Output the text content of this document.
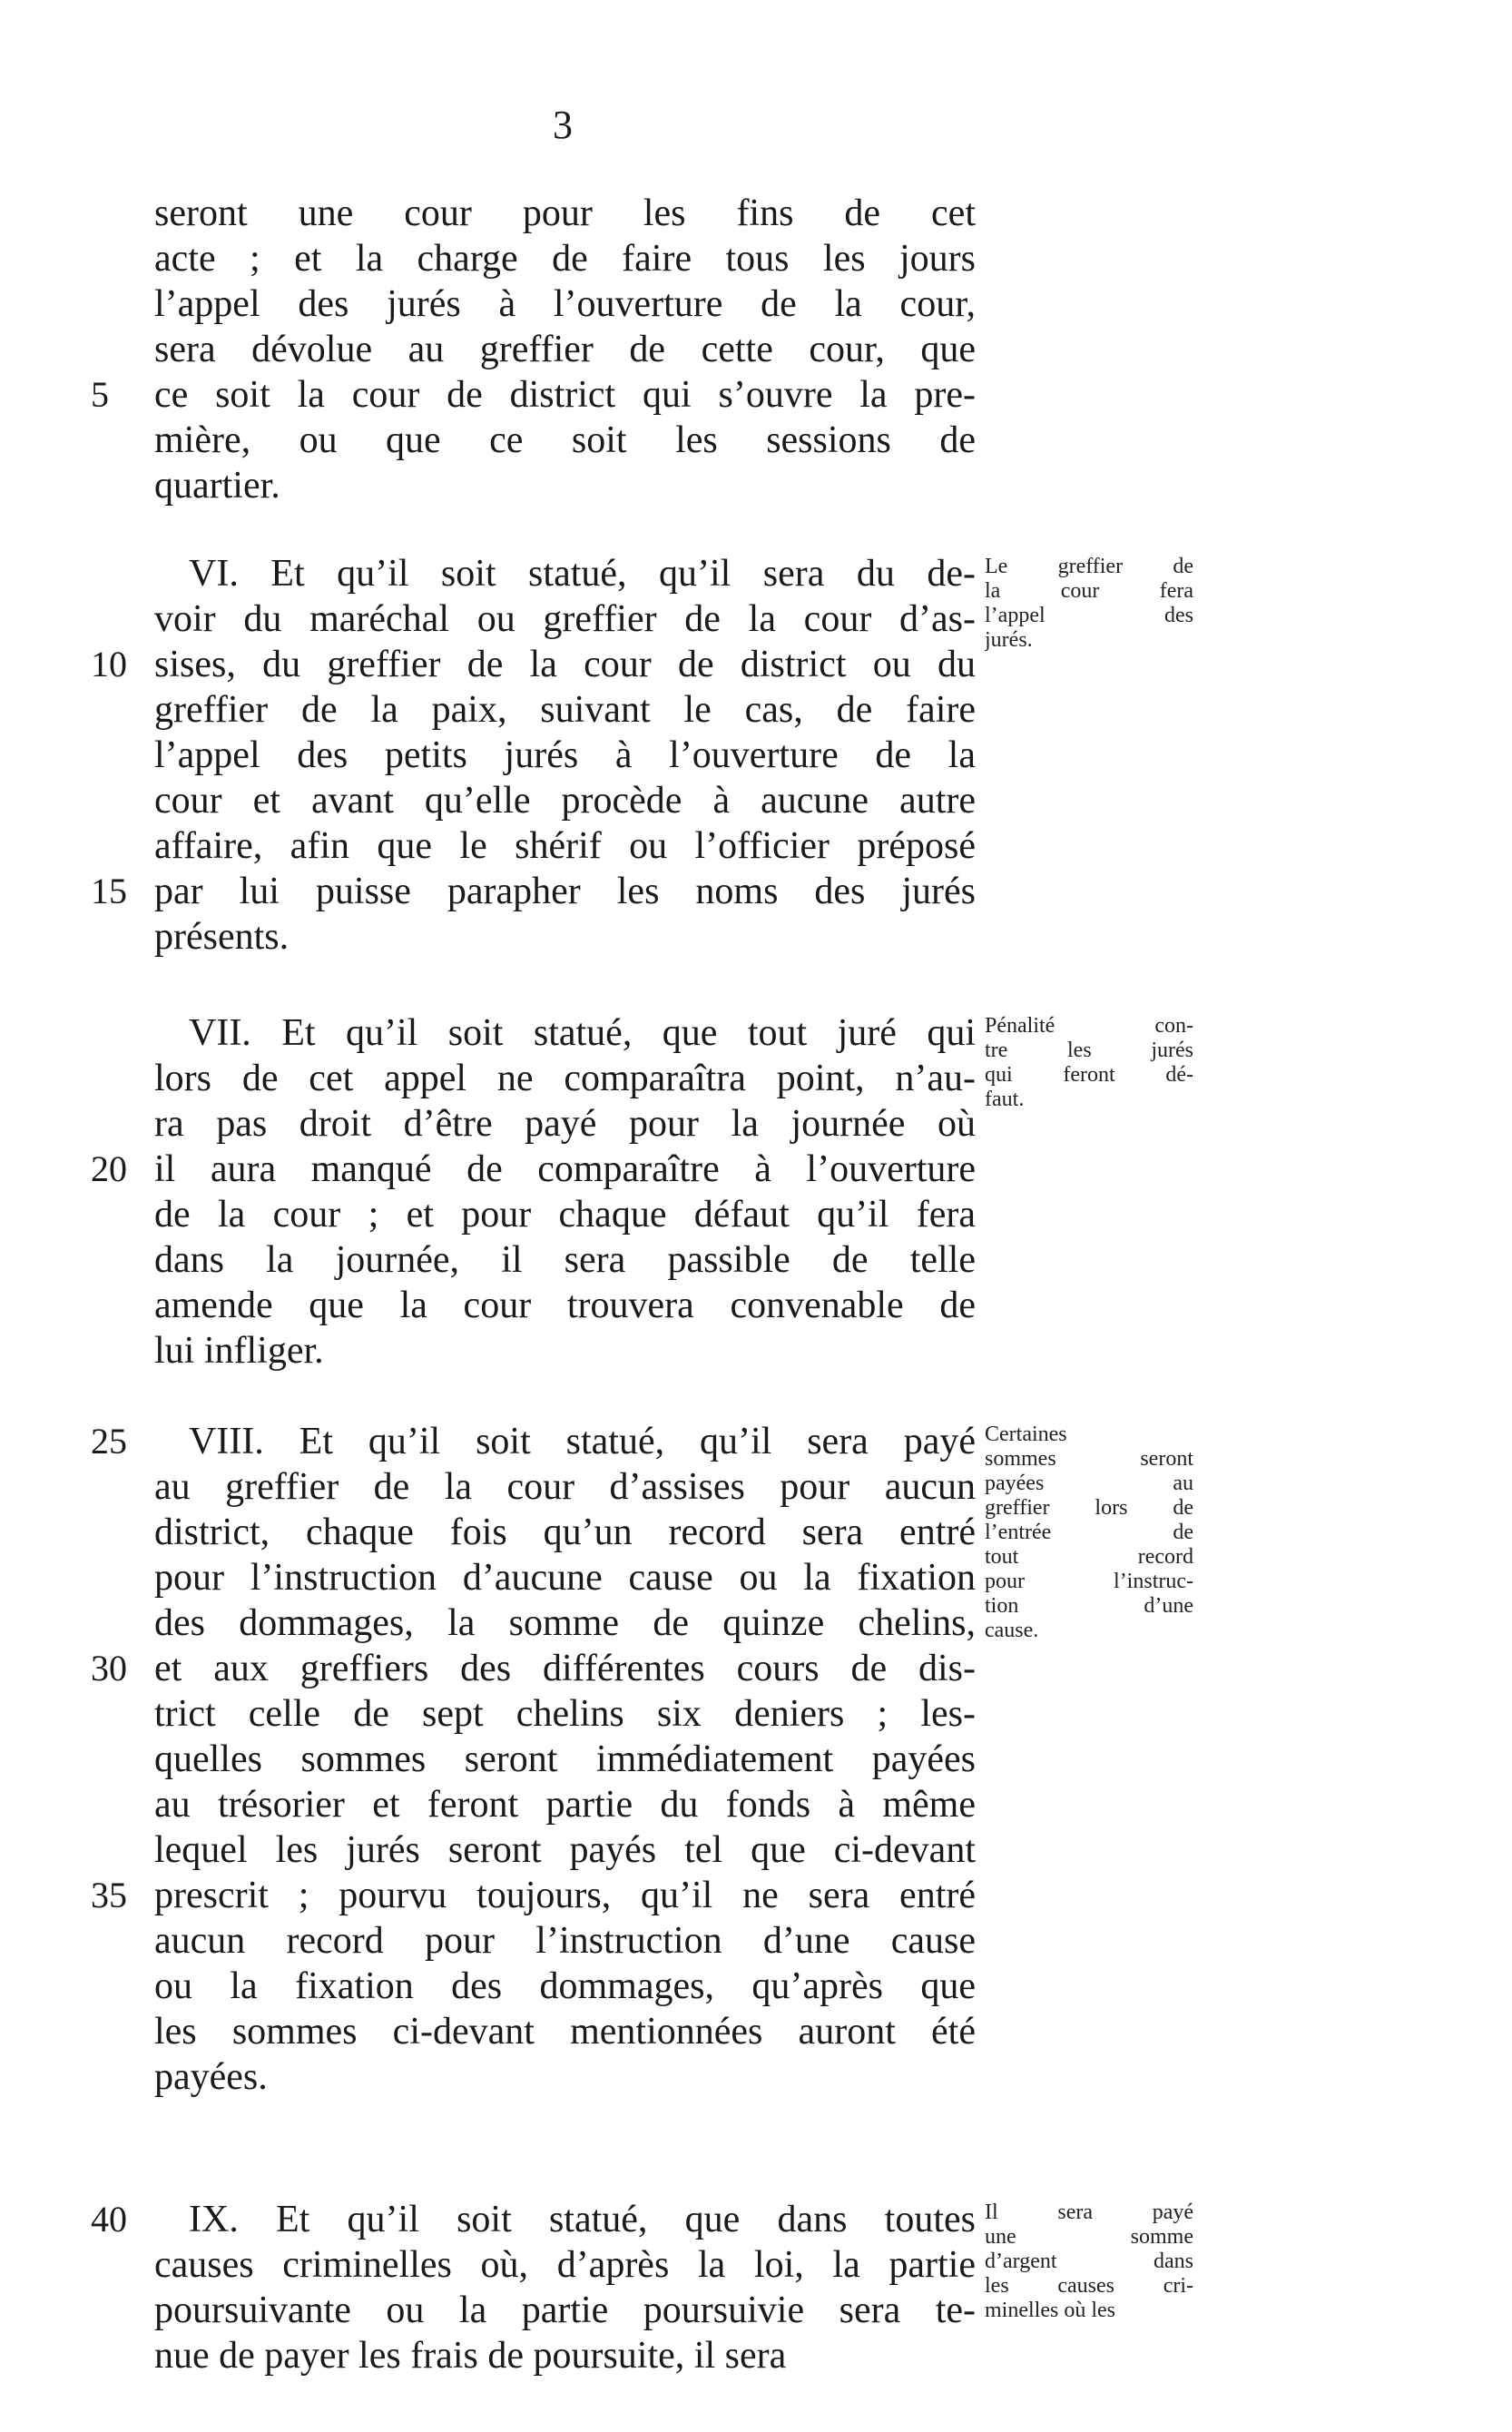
3
seront une cour pour les fins de cet
acte ; et la charge de faire tous les jours
l’appel des jurés à l’ouverture de la cour,
sera dévolue au greffier de cette cour, que
ce soit la cour de district qui s’ouvre la pre-
5
mière, ou que ce soit les sessions de
quartier.
VI. Et qu’il soit statué, qu’il sera du de-
voir du maréchal ou greffier de la cour d’as-
sises, du greffier de la cour de district ou du
10
greffier de la paix, suivant le cas, de faire
l’appel des petits jurés à l’ouverture de la
cour et avant qu’elle procède à aucune autre
affaire, afin que le shérif ou l’officier préposé
par lui puisse parapher les noms des jurés
15
présents.
Le greffier de
la cour fera
l’appel des
jurés.
VII. Et qu’il soit statué, que tout juré qui
lors de cet appel ne comparaîtra point, n’au-
ra pas droit d’être payé pour la journée où
il aura manqué de comparaître à l’ouverture
20
de la cour ; et pour chaque défaut qu’il fera
dans la journée, il sera passible de telle
amende que la cour trouvera convenable de
lui infliger.
Pénalité con-
tre les jurés
qui feront dé-
faut.
VIII. Et qu’il soit statué, qu’il sera payé
25
au greffier de la cour d’assises pour aucun
district, chaque fois qu’un record sera entré
pour l’instruction d’aucune cause ou la fixation
des dommages, la somme de quinze chelins,
et aux greffiers des différentes cours de dis-
30
trict celle de sept chelins six deniers ; les-
quelles sommes seront immédiatement payées
au trésorier et feront partie du fonds à même
lequel les jurés seront payés tel que ci-devant
prescrit ; pourvu toujours, qu’il ne sera entré
35
aucun record pour l’instruction d’une cause
ou la fixation des dommages, qu’après que
les sommes ci-devant mentionnées auront été
payées.
Certaines
sommes seront
payées au
greffier lors de
l’entrée de
tout record
pour l’instruc-
tion d’une
cause.
IX. Et qu’il soit statué, que dans toutes
40
causes criminelles où, d’après la loi, la partie
poursuivante ou la partie poursuivie sera te-
nue de payer les frais de poursuite, il sera
Il sera payé
une somme
d’argent dans
les causes cri-
minelles où les
